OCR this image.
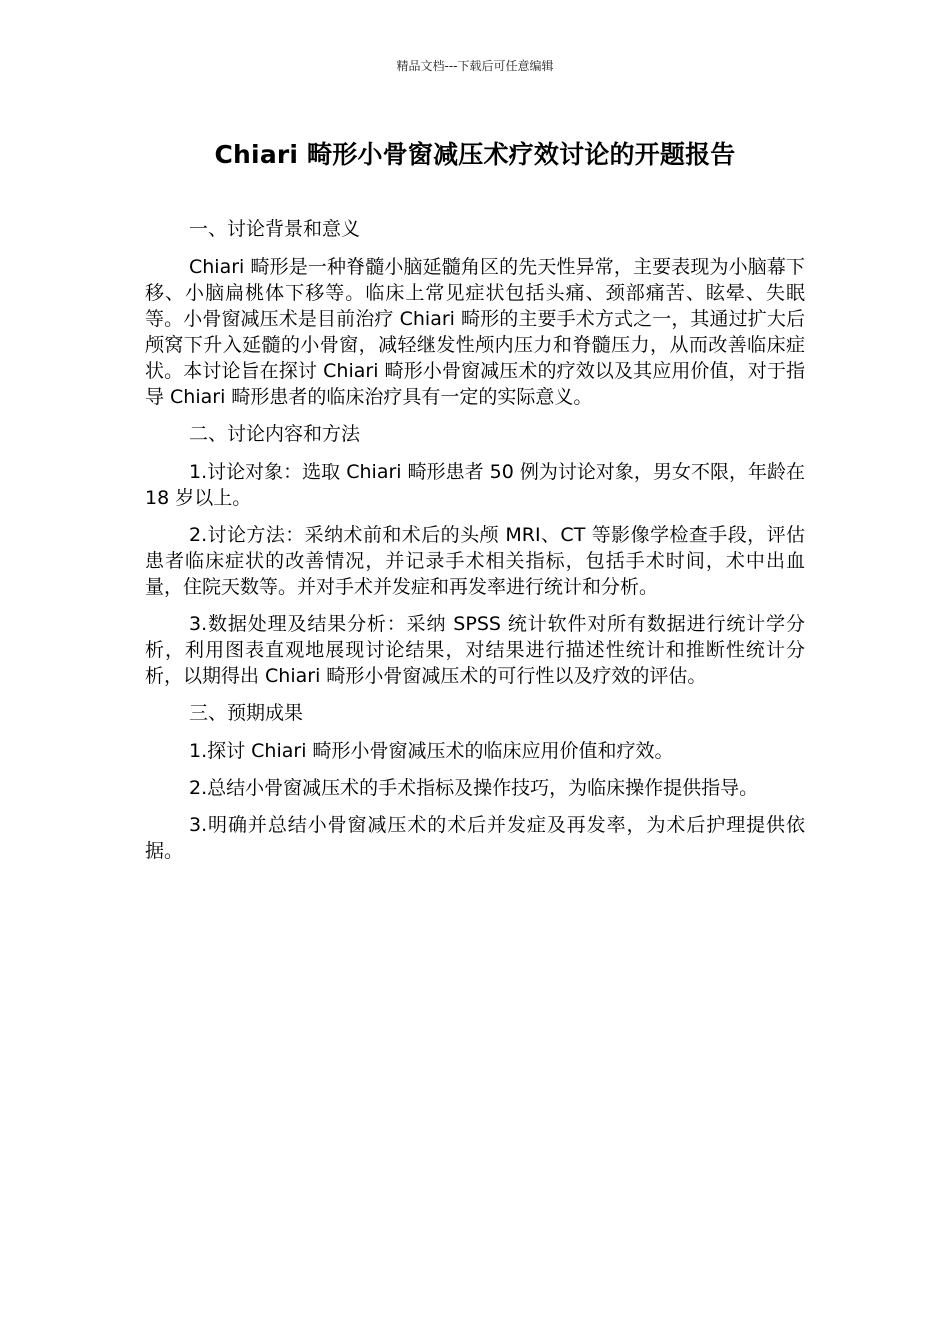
精品文档---下载后可任意编辑
Chiari 畸形小骨窗减压术疗效讨论的开题报告

一、讨论背景和意义

Chiari 畸形是一种脊髓小脑延髓角区的先天性异常，主要表现为小脑幕下移、小脑扁桃体下移等。临床上常见症状包括头痛、颈部痛苦、眩晕、失眠等。小骨窗减压术是目前治疗 Chiari 畸形的主要手术方式之一，其通过扩大后颅窝下升入延髓的小骨窗，减轻继发性颅内压力和脊髓压力，从而改善临床症状。本讨论旨在探讨 Chiari 畸形小骨窗减压术的疗效以及其应用价值，对于指导 Chiari 畸形患者的临床治疗具有一定的实际意义。

二、讨论内容和方法

1.讨论对象：选取 Chiari 畸形患者 50 例为讨论对象，男女不限，年龄在 18 岁以上。

2.讨论方法：采纳术前和术后的头颅 MRI、CT 等影像学检查手段，评估患者临床症状的改善情况，并记录手术相关指标，包括手术时间，术中出血量，住院天数等。并对手术并发症和再发率进行统计和分析。

3.数据处理及结果分析：采纳 SPSS 统计软件对所有数据进行统计学分析，利用图表直观地展现讨论结果，对结果进行描述性统计和推断性统计分析，以期得出 Chiari 畸形小骨窗减压术的可行性以及疗效的评估。

三、预期成果

1.探讨 Chiari 畸形小骨窗减压术的临床应用价值和疗效。

2.总结小骨窗减压术的手术指标及操作技巧，为临床操作提供指导。

3.明确并总结小骨窗减压术的术后并发症及再发率，为术后护理提供依据。
